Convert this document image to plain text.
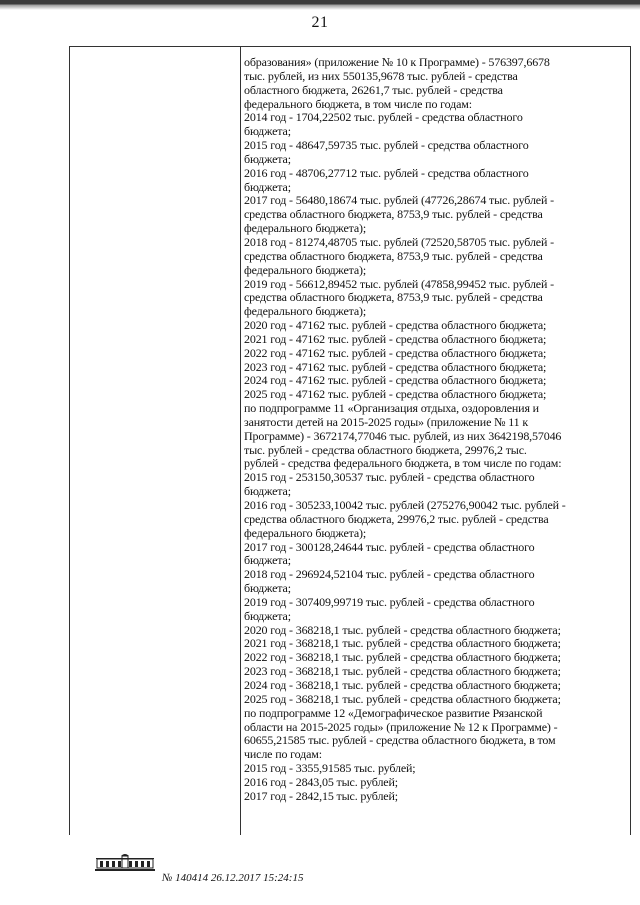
21
образования» (приложение № 10 к Программе) - 576397,6678
тыс. рублей, из них 550135,9678 тыс. рублей - средства
областного бюджета, 26261,7 тыс. рублей - средства
федерального бюджета, в том числе по годам:
2014 год - 1704,22502 тыс. рублей - средства областного
бюджета;
2015 год - 48647,59735 тыс. рублей - средства областного
бюджета;
2016 год - 48706,27712 тыс. рублей - средства областного
бюджета;
2017 год - 56480,18674 тыс. рублей (47726,28674 тыс. рублей -
средства областного бюджета, 8753,9 тыс. рублей - средства
федерального бюджета);
2018 год - 81274,48705 тыс. рублей (72520,58705 тыс. рублей -
средства областного бюджета, 8753,9 тыс. рублей - средства
федерального бюджета);
2019 год - 56612,89452 тыс. рублей (47858,99452 тыс. рублей -
средства областного бюджета, 8753,9 тыс. рублей - средства
федерального бюджета);
2020 год - 47162 тыс. рублей - средства областного бюджета;
2021 год - 47162 тыс. рублей - средства областного бюджета;
2022 год - 47162 тыс. рублей - средства областного бюджета;
2023 год - 47162 тыс. рублей - средства областного бюджета;
2024 год - 47162 тыс. рублей - средства областного бюджета;
2025 год - 47162 тыс. рублей - средства областного бюджета;
по подпрограмме 11 «Организация отдыха, оздоровления и
занятости детей на 2015-2025 годы» (приложение № 11 к
Программе) - 3672174,77046 тыс. рублей, из них 3642198,57046
тыс. рублей - средства областного бюджета, 29976,2 тыс.
рублей - средства федерального бюджета, в том числе по годам:
2015 год - 253150,30537 тыс. рублей - средства областного
бюджета;
2016 год - 305233,10042 тыс. рублей (275276,90042 тыс. рублей -
средства областного бюджета, 29976,2 тыс. рублей - средства
федерального бюджета);
2017 год - 300128,24644 тыс. рублей - средства областного
бюджета;
2018 год - 296924,52104 тыс. рублей - средства областного
бюджета;
2019 год - 307409,99719 тыс. рублей - средства областного
бюджета;
2020 год - 368218,1 тыс. рублей - средства областного бюджета;
2021 год - 368218,1 тыс. рублей - средства областного бюджета;
2022 год - 368218,1 тыс. рублей - средства областного бюджета;
2023 год - 368218,1 тыс. рублей - средства областного бюджета;
2024 год - 368218,1 тыс. рублей - средства областного бюджета;
2025 год - 368218,1 тыс. рублей - средства областного бюджета;
по подпрограмме 12 «Демографическое развитие Рязанской
области на 2015-2025 годы» (приложение № 12 к Программе) -
60655,21585 тыс. рублей - средства областного бюджета, в том
числе по годам:
2015 год - 3355,91585 тыс. рублей;
2016 год - 2843,05 тыс. рублей;
2017 год - 2842,15 тыс. рублей;
№ 140414 26.12.2017 15:24:15
